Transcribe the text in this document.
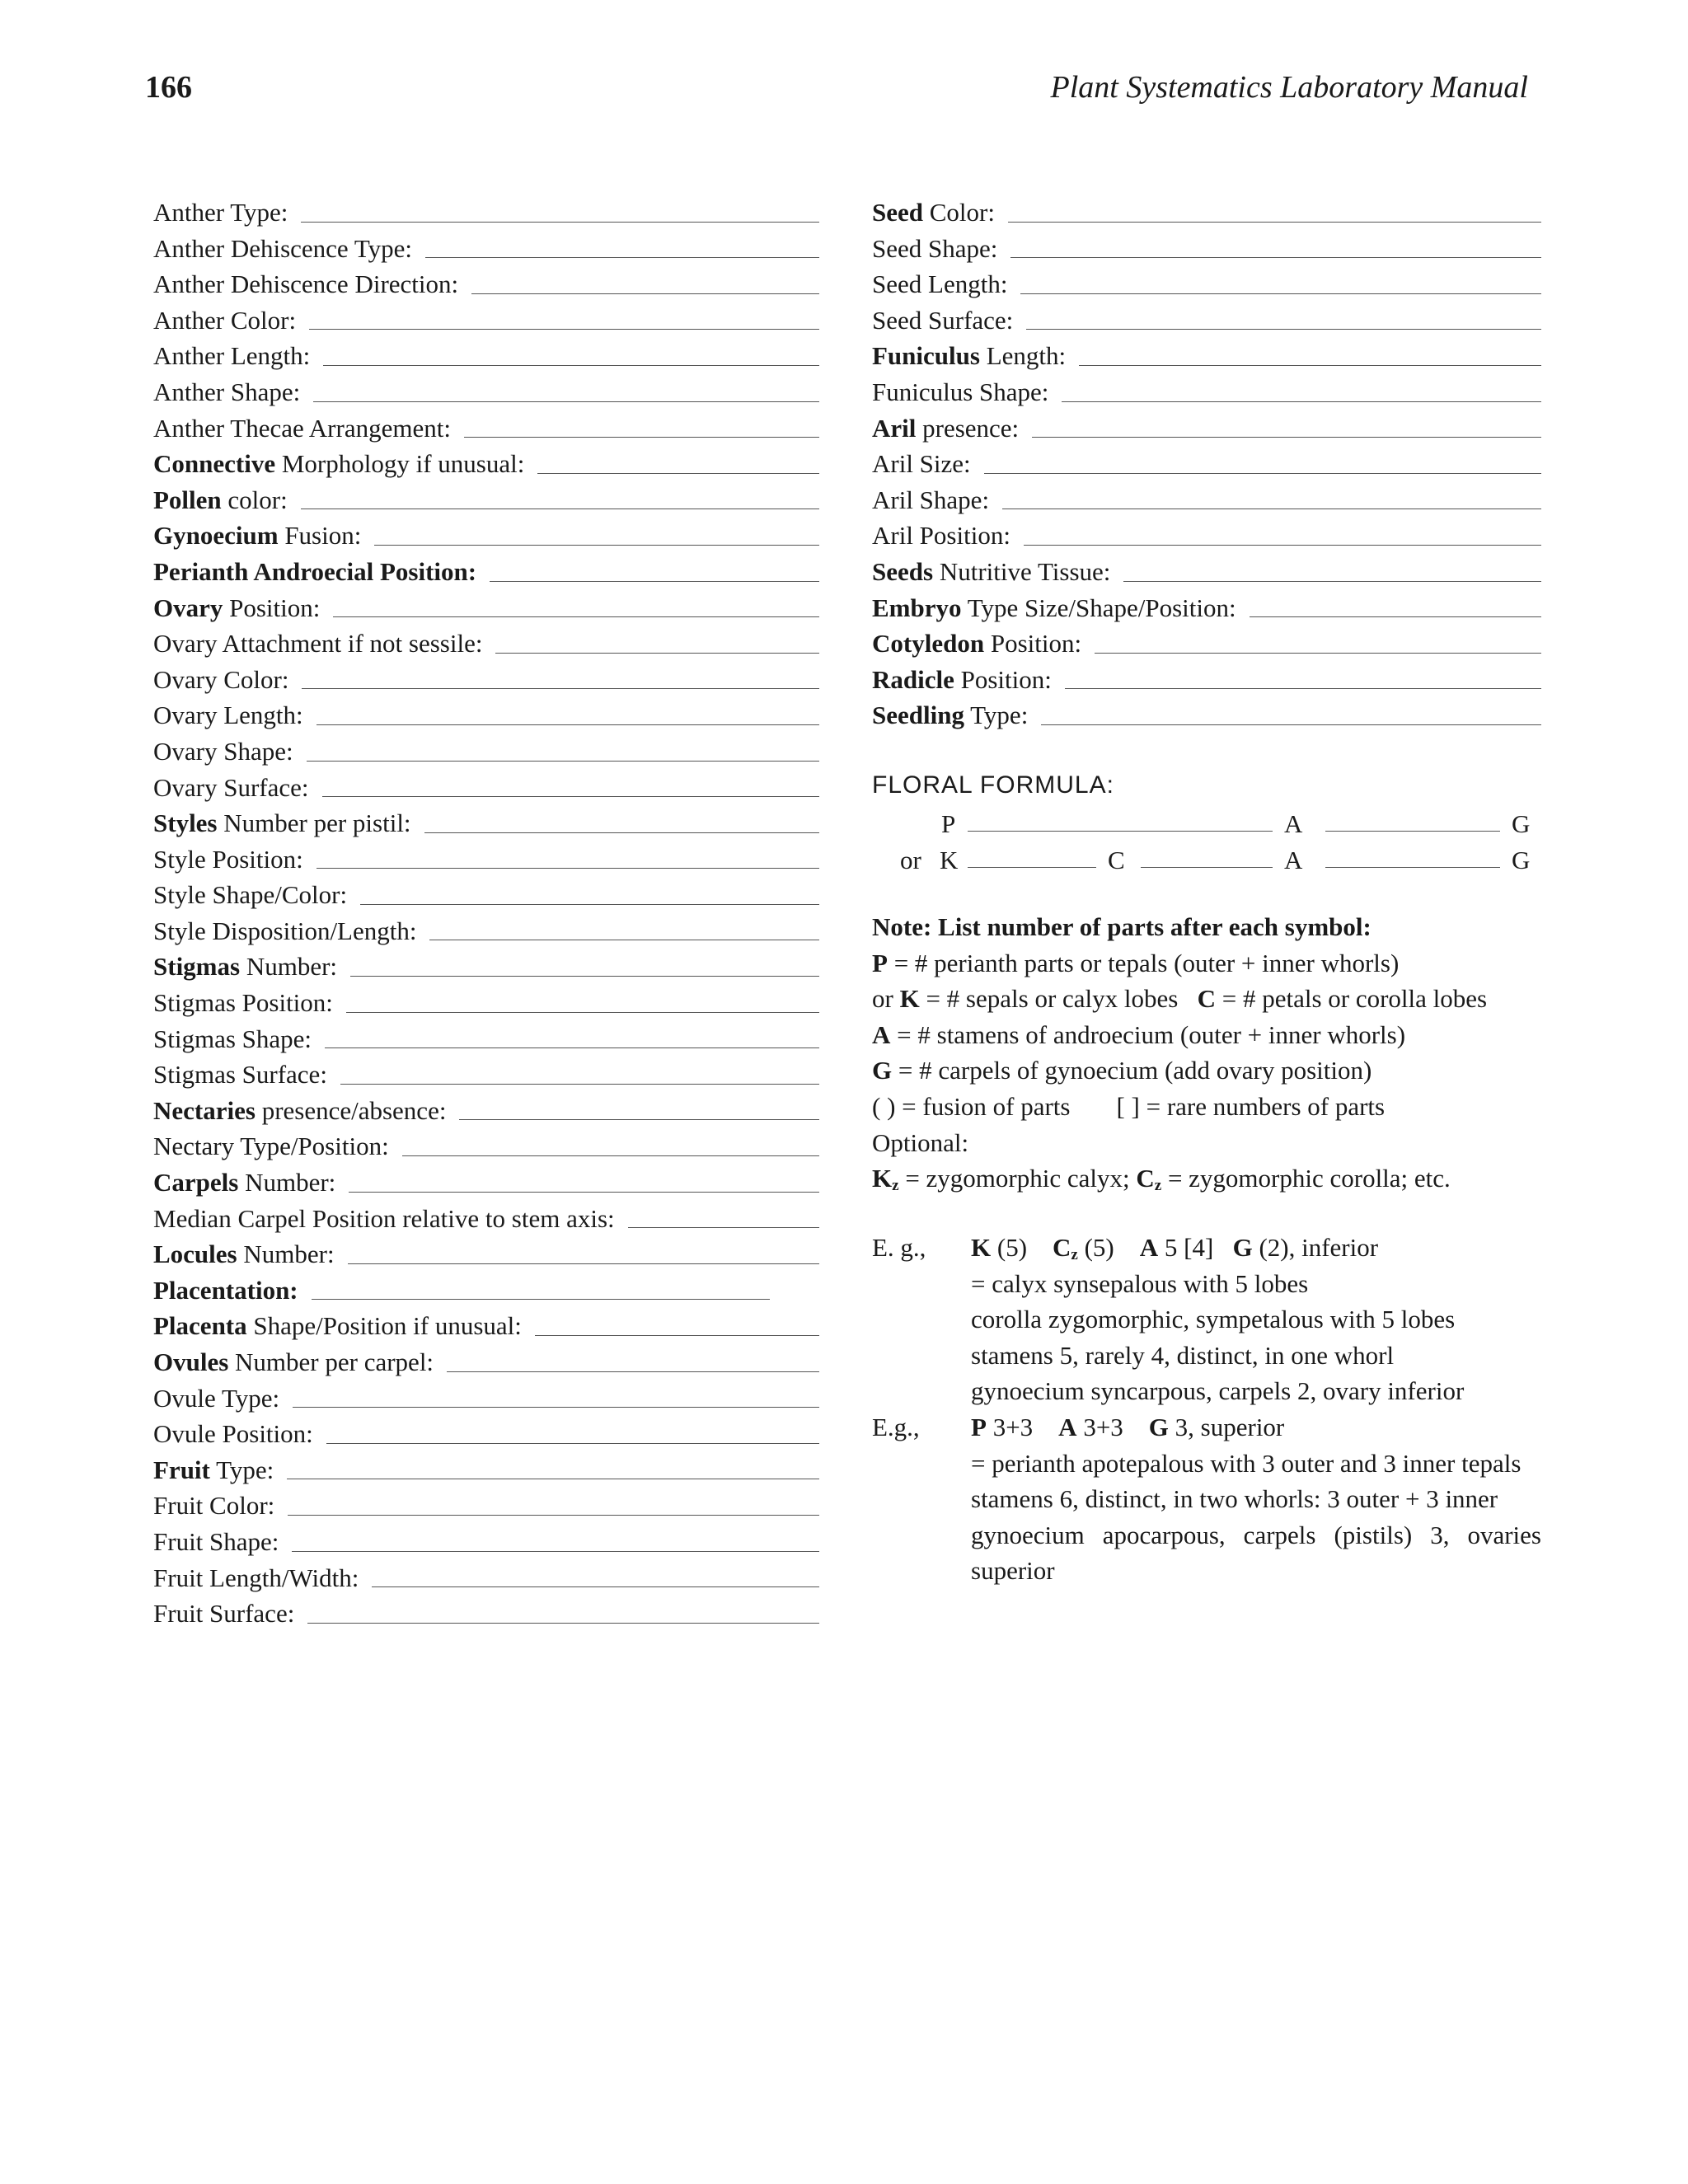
166	Plant Systematics Laboratory Manual
Anther Type:
Anther Dehiscence Type:
Anther Dehiscence Direction:
Anther Color:
Anther Length:
Anther Shape:
Anther Thecae Arrangement:
Connective Morphology if unusual:
Pollen color:
Gynoecium Fusion:
Perianth Androecial Position:
Ovary Position:
Ovary Attachment if not sessile:
Ovary Color:
Ovary Length:
Ovary Shape:
Ovary Surface:
Styles Number per pistil:
Style Position:
Style Shape/Color:
Style Disposition/Length:
Stigmas Number:
Stigmas Position:
Stigmas Shape:
Stigmas Surface:
Nectaries presence/absence:
Nectary Type/Position:
Carpels Number:
Median Carpel Position relative to stem axis:
Locules Number:
Placentation:
Placenta Shape/Position if unusual:
Ovules Number per carpel:
Ovule Type:
Ovule Position:
Fruit Type:
Fruit Color:
Fruit Shape:
Fruit Length/Width:
Fruit Surface:
Seed Color:
Seed Shape:
Seed Length:
Seed Surface:
Funiculus Length:
Funiculus Shape:
Aril presence:
Aril Size:
Aril Shape:
Aril Position:
Seeds Nutritive Tissue:
Embryo Type Size/Shape/Position:
Cotyledon Position:
Radicle Position:
Seedling Type:
FLORAL FORMULA:
P	A	G
or K	C	A	G
Note: List number of parts after each symbol:
P = # perianth parts or tepals (outer + inner whorls)
or K = # sepals or calyx lobes   C = # petals or corolla lobes
A = # stamens of androecium (outer + inner whorls)
G = # carpels of gynoecium (add ovary position)
( ) = fusion of parts [ ] = rare numbers of parts
Optional:
$K_z$ = zygomorphic calyx; $C_z$ = zygomorphic corolla; etc.
E. g.,	K (5) $C_z$ (5) A 5 [4] G (2), inferior
= calyx synsepalous with 5 lobes
corolla zygomorphic, sympetalous with 5 lobes
stamens 5, rarely 4, distinct, in one whorl
gynoecium syncarpous, carpels 2, ovary inferior
E.g.,	P 3+3 A 3+3 G 3, superior
= perianth apotepalous with 3 outer and 3 inner tepals
stamens 6, distinct, in two whorls: 3 outer + 3 inner
gynoecium apocarpous, carpels (pistils) 3, ovaries
superior
